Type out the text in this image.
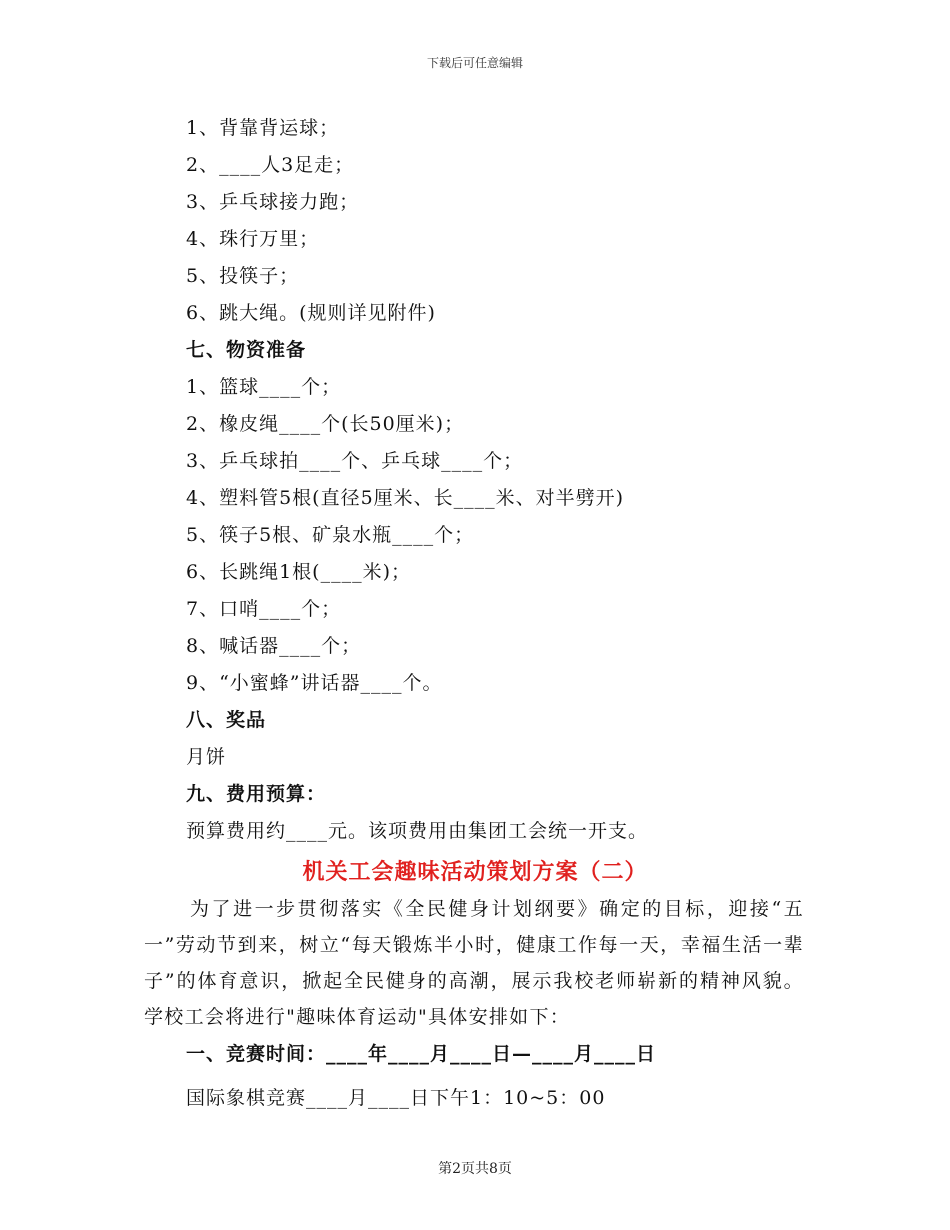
下载后可任意编辑
1、背靠背运球；
2、____人3足走；
3、乒乓球接力跑；
4、珠行万里；
5、投筷子；
6、跳大绳。(规则详见附件)
七、物资准备
1、篮球____个；
2、橡皮绳____个(长50厘米)；
3、乒乓球拍____个、乒乓球____个；
4、塑料管5根(直径5厘米、长____米、对半劈开)
5、筷子5根、矿泉水瓶____个；
6、长跳绳1根(____米)；
7、口哨____个；
8、喊话器____个；
9、“小蜜蜂”讲话器____个。
八、奖品
月饼
九、费用预算：
预算费用约____元。该项费用由集团工会统一开支。
机关工会趣味活动策划方案（二）
为了进一步贯彻落实《全民健身计划纲要》确定的目标，迎接“五一”劳动节到来，树立“每天锻炼半小时，健康工作每一天，幸福生活一辈子”的体育意识，掀起全民健身的高潮，展示我校老师崭新的精神风貌。学校工会将进行"趣味体育运动"具体安排如下：
一、竞赛时间：____年____月____日—____月____日
国际象棋竞赛____月____日下午1：10~5：00
第2页共8页
